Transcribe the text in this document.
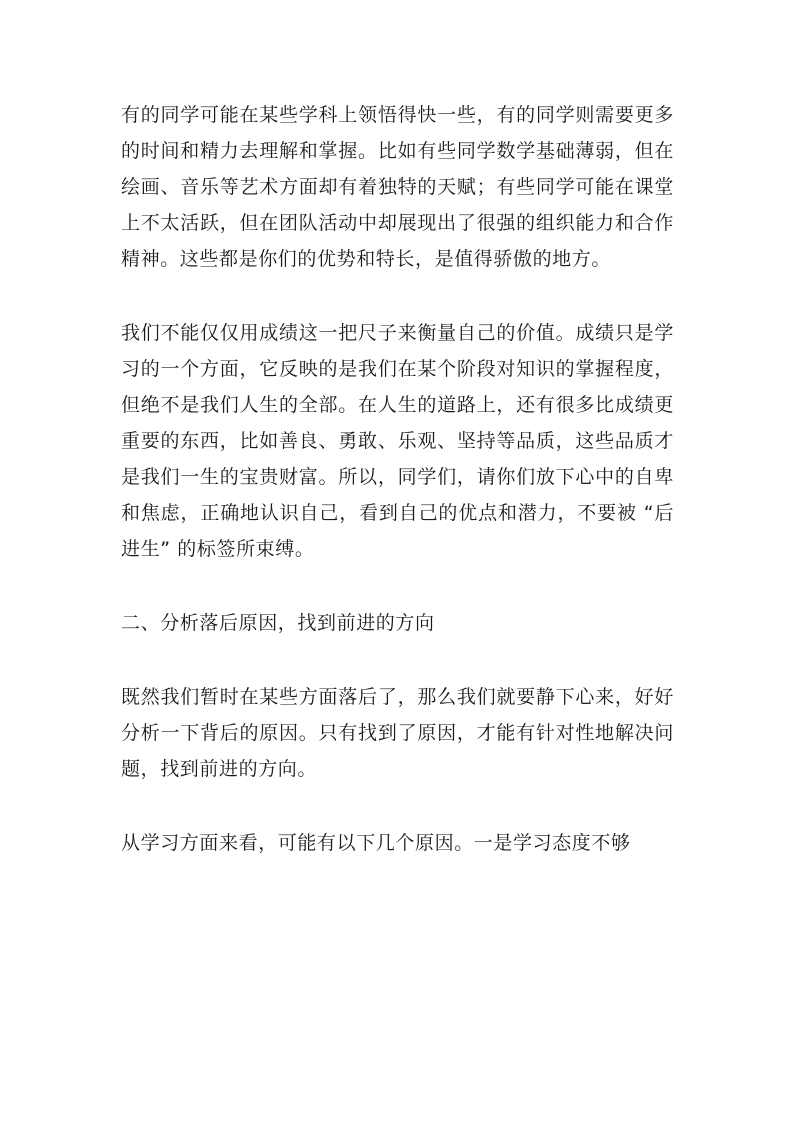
有的同学可能在某些学科上领悟得快一些，有的同学则需要更多的时间和精力去理解和掌握。比如有些同学数学基础薄弱，但在绘画、音乐等艺术方面却有着独特的天赋；有些同学可能在课堂上不太活跃，但在团队活动中却展现出了很强的组织能力和合作精神。这些都是你们的优势和特长，是值得骄傲的地方。

我们不能仅仅用成绩这一把尺子来衡量自己的价值。成绩只是学习的一个方面，它反映的是我们在某个阶段对知识的掌握程度，但绝不是我们人生的全部。在人生的道路上，还有很多比成绩更重要的东西，比如善良、勇敢、乐观、坚持等品质，这些品质才是我们一生的宝贵财富。所以，同学们，请你们放下心中的自卑和焦虑，正确地认识自己，看到自己的优点和潜力，不要被 “后进生” 的标签所束缚。

二、分析落后原因，找到前进的方向

既然我们暂时在某些方面落后了，那么我们就要静下心来，好好分析一下背后的原因。只有找到了原因，才能有针对性地解决问题，找到前进的方向。

从学习方面来看，可能有以下几个原因。一是学习态度不够
